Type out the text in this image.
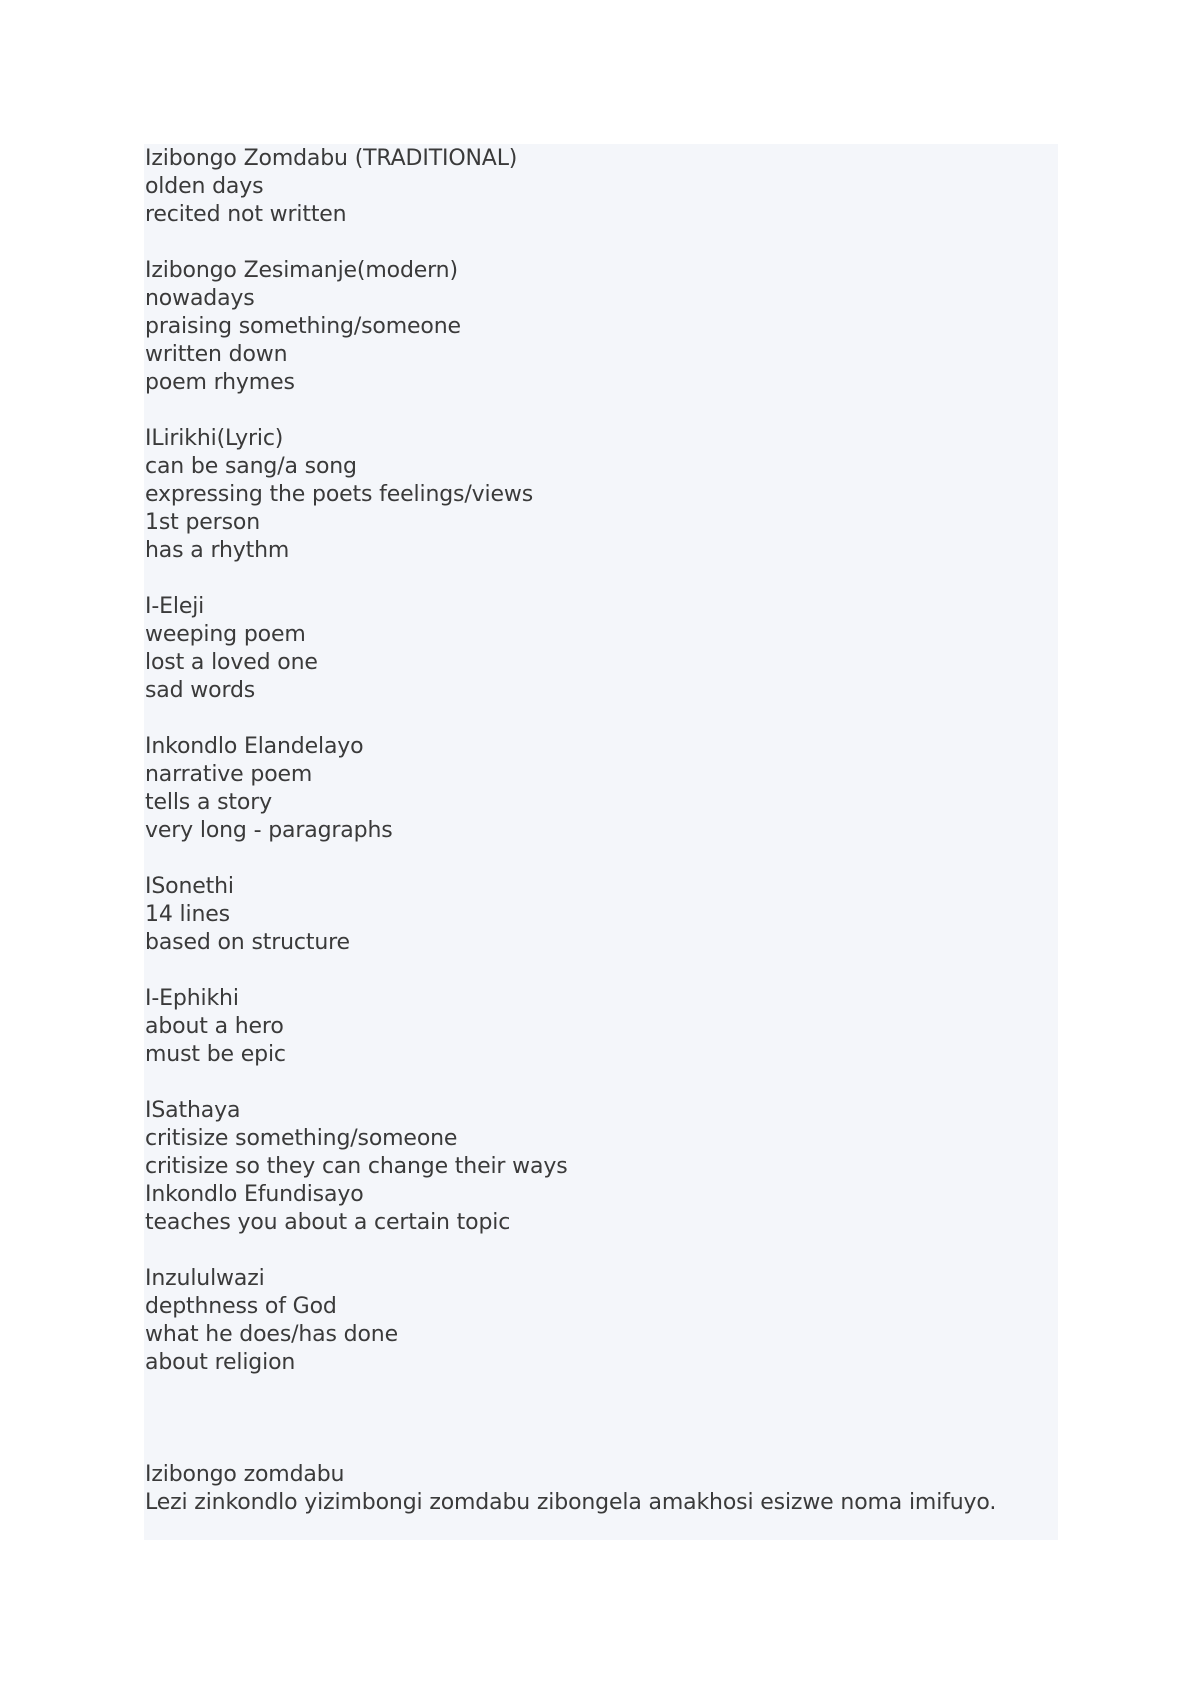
Izibongo Zomdabu (TRADITIONAL)
olden days
recited not written
Izibongo Zesimanje(modern)
nowadays
praising something/someone
written down
poem rhymes
ILirikhi(Lyric)
can be sang/a song
expressing the poets feelings/views
1st person
has a rhythm
I-Eleji
weeping poem
lost a loved one
sad words
Inkondlo Elandelayo
narrative poem
tells a story
very long - paragraphs
ISonethi
14 lines
based on structure
I-Ephikhi
about a hero
must be epic
ISathaya
critisize something/someone
critisize so they can change their ways
Inkondlo Efundisayo
teaches you about a certain topic
Inzululwazi
depthness of God
what he does/has done
about religion
Izibongo zomdabu
Lezi zinkondlo yizimbongi zomdabu zibongela amakhosi esizwe noma imifuyo.
